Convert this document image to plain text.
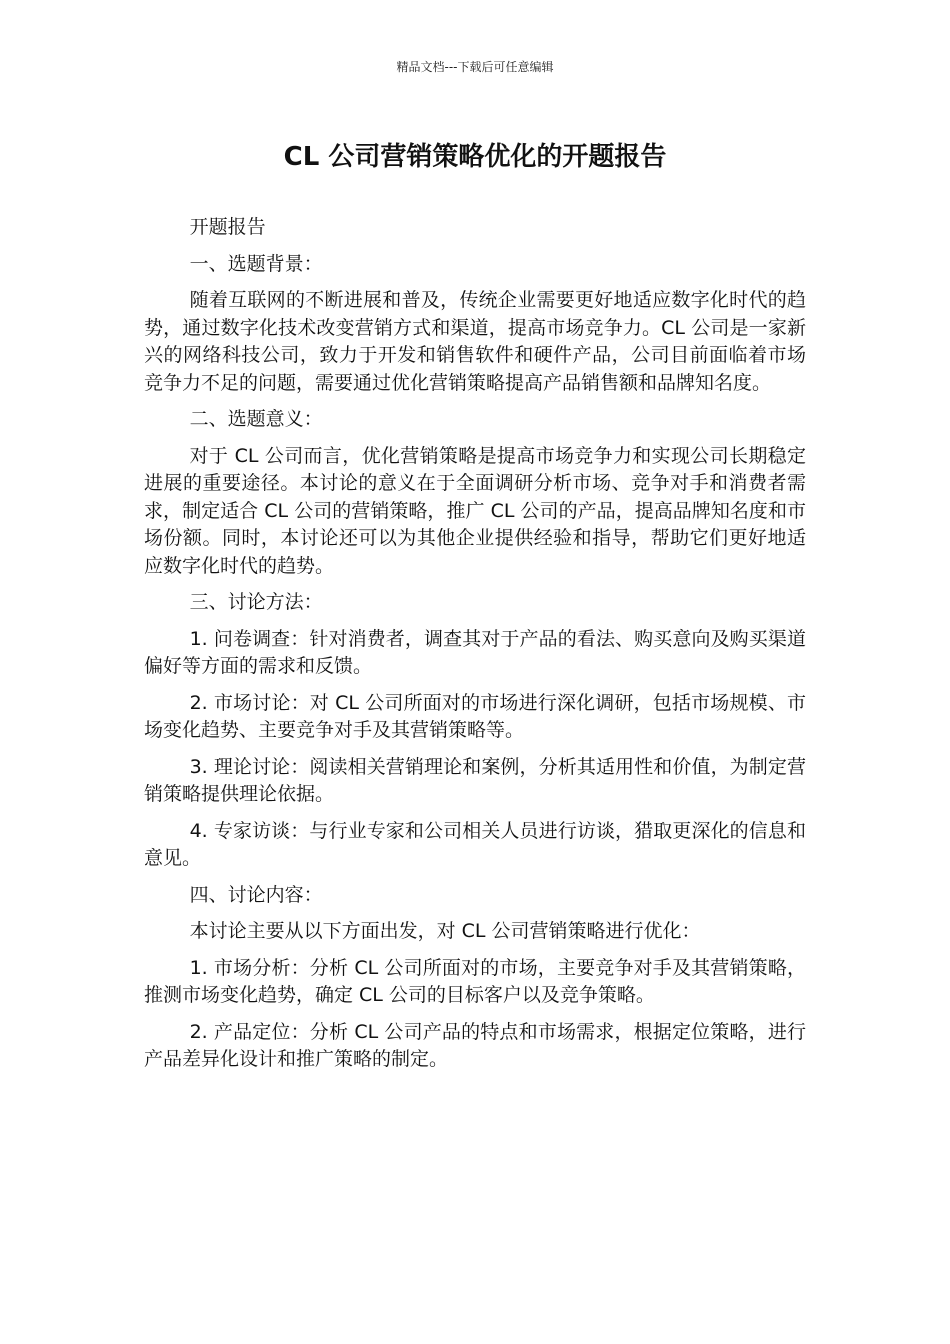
精品文档---下载后可任意编辑
CL 公司营销策略优化的开题报告

开题报告

一、选题背景：

随着互联网的不断进展和普及，传统企业需要更好地适应数字化时代的趋势，通过数字化技术改变营销方式和渠道，提高市场竞争力。CL 公司是一家新兴的网络科技公司，致力于开发和销售软件和硬件产品，公司目前面临着市场竞争力不足的问题，需要通过优化营销策略提高产品销售额和品牌知名度。

二、选题意义：

对于 CL 公司而言，优化营销策略是提高市场竞争力和实现公司长期稳定进展的重要途径。本讨论的意义在于全面调研分析市场、竞争对手和消费者需求，制定适合 CL 公司的营销策略，推广 CL 公司的产品，提高品牌知名度和市场份额。同时，本讨论还可以为其他企业提供经验和指导，帮助它们更好地适应数字化时代的趋势。

三、讨论方法：

1. 问卷调查：针对消费者，调查其对于产品的看法、购买意向及购买渠道偏好等方面的需求和反馈。

2. 市场讨论：对 CL 公司所面对的市场进行深化调研，包括市场规模、市场变化趋势、主要竞争对手及其营销策略等。

3. 理论讨论：阅读相关营销理论和案例，分析其适用性和价值，为制定营销策略提供理论依据。

4. 专家访谈：与行业专家和公司相关人员进行访谈，猎取更深化的信息和意见。

四、讨论内容：

本讨论主要从以下方面出发，对 CL 公司营销策略进行优化：

1. 市场分析：分析 CL 公司所面对的市场，主要竞争对手及其营销策略，推测市场变化趋势，确定 CL 公司的目标客户以及竞争策略。

2. 产品定位：分析 CL 公司产品的特点和市场需求，根据定位策略，进行产品差异化设计和推广策略的制定。
